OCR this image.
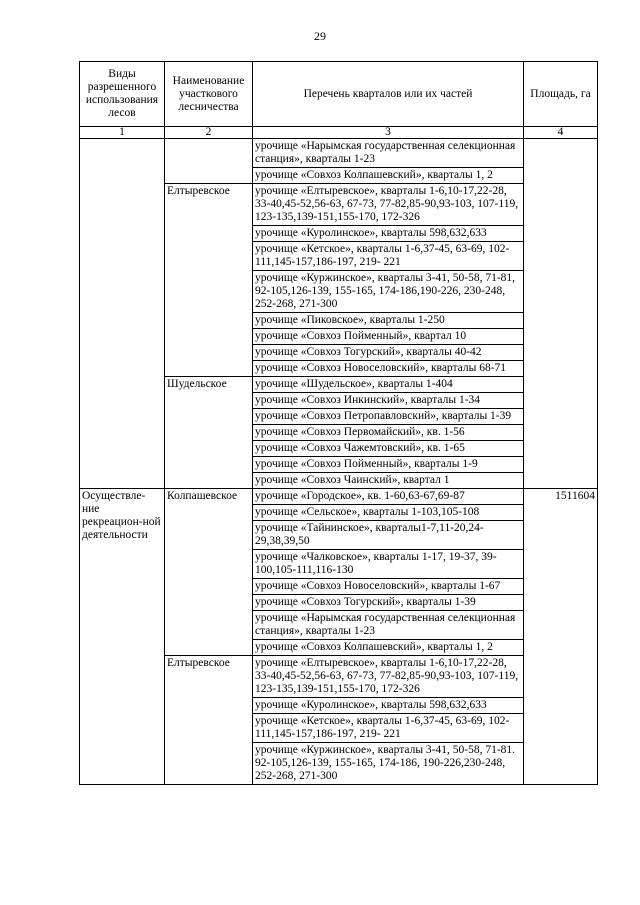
29
Виды разрешенного использования лесов	Наименование участкового лесничества	Перечень кварталов или их частей	Площадь, га
1	2	3	4
		урочище «Нарымская государственная селекционная станция», кварталы 1-23	
		урочище «Совхоз Колпашевский», кварталы 1, 2	
	Елтыревское	урочище «Елтыревское», кварталы 1-6,10-17,22-28, 33-40,45-52,56-63, 67-73, 77-82,85-90,93-103, 107-119, 123-135,139-151,155-170, 172-326	
		урочище «Куролинское», кварталы 598,632,633	
		урочище «Кетское», кварталы 1-6,37-45, 63-69, 102-111,145-157,186-197, 219- 221	
		урочище «Куржинское», кварталы 3-41, 50-58, 71-81, 92-105,126-139, 155-165, 174-186,190-226, 230-248, 252-268, 271-300	
		урочище «Пиковское», кварталы 1-250	
		урочище «Совхоз Пойменный», квартал 10	
		урочище «Совхоз Тогурский», кварталы 40-42	
		урочище «Совхоз Новоселовский», кварталы 68-71	
	Шудельское	урочище «Шудельское», кварталы 1-404	
		урочище «Совхоз Инкинский», кварталы 1-34	
		урочище «Совхоз Петропавловский», кварталы 1-39	
		урочище «Совхоз Первомайский», кв. 1-56	
		урочище «Совхоз Чажемтовский», кв. 1-65	
		урочище «Совхоз Пойменный», кварталы 1-9	
		урочище «Совхоз Чаинский», квартал 1	
Осуществле-ние рекреацион-ной деятельности	Колпашевское	урочище «Городское», кв. 1-60,63-67,69-87	1511604
		урочище «Сельское», кварталы 1-103,105-108	
		урочище «Тайнинское», кварталы1-7,11-20,24-29,38,39,50	
		урочище «Чалковское», кварталы 1-17, 19-37, 39-100,105-111,116-130	
		урочище «Совхоз Новоселовский», кварталы 1-67	
		урочище «Совхоз Тогурский», кварталы 1-39	
		урочище «Нарымская государственная селекционная станция», кварталы 1-23	
		урочище «Совхоз Колпашевский», кварталы 1, 2	
	Елтыревское	урочище «Елтыревское», кварталы 1-6,10-17,22-28, 33-40,45-52,56-63, 67-73, 77-82,85-90,93-103, 107-119, 123-135,139-151,155-170, 172-326	
		урочище «Куролинское», кварталы 598,632,633	
		урочище «Кетское», кварталы 1-6,37-45, 63-69, 102-111,145-157,186-197, 219- 221	
		урочище «Куржинское», кварталы 3-41, 50-58, 71-81. 92-105,126-139, 155-165, 174-186, 190-226,230-248, 252-268, 271-300	
